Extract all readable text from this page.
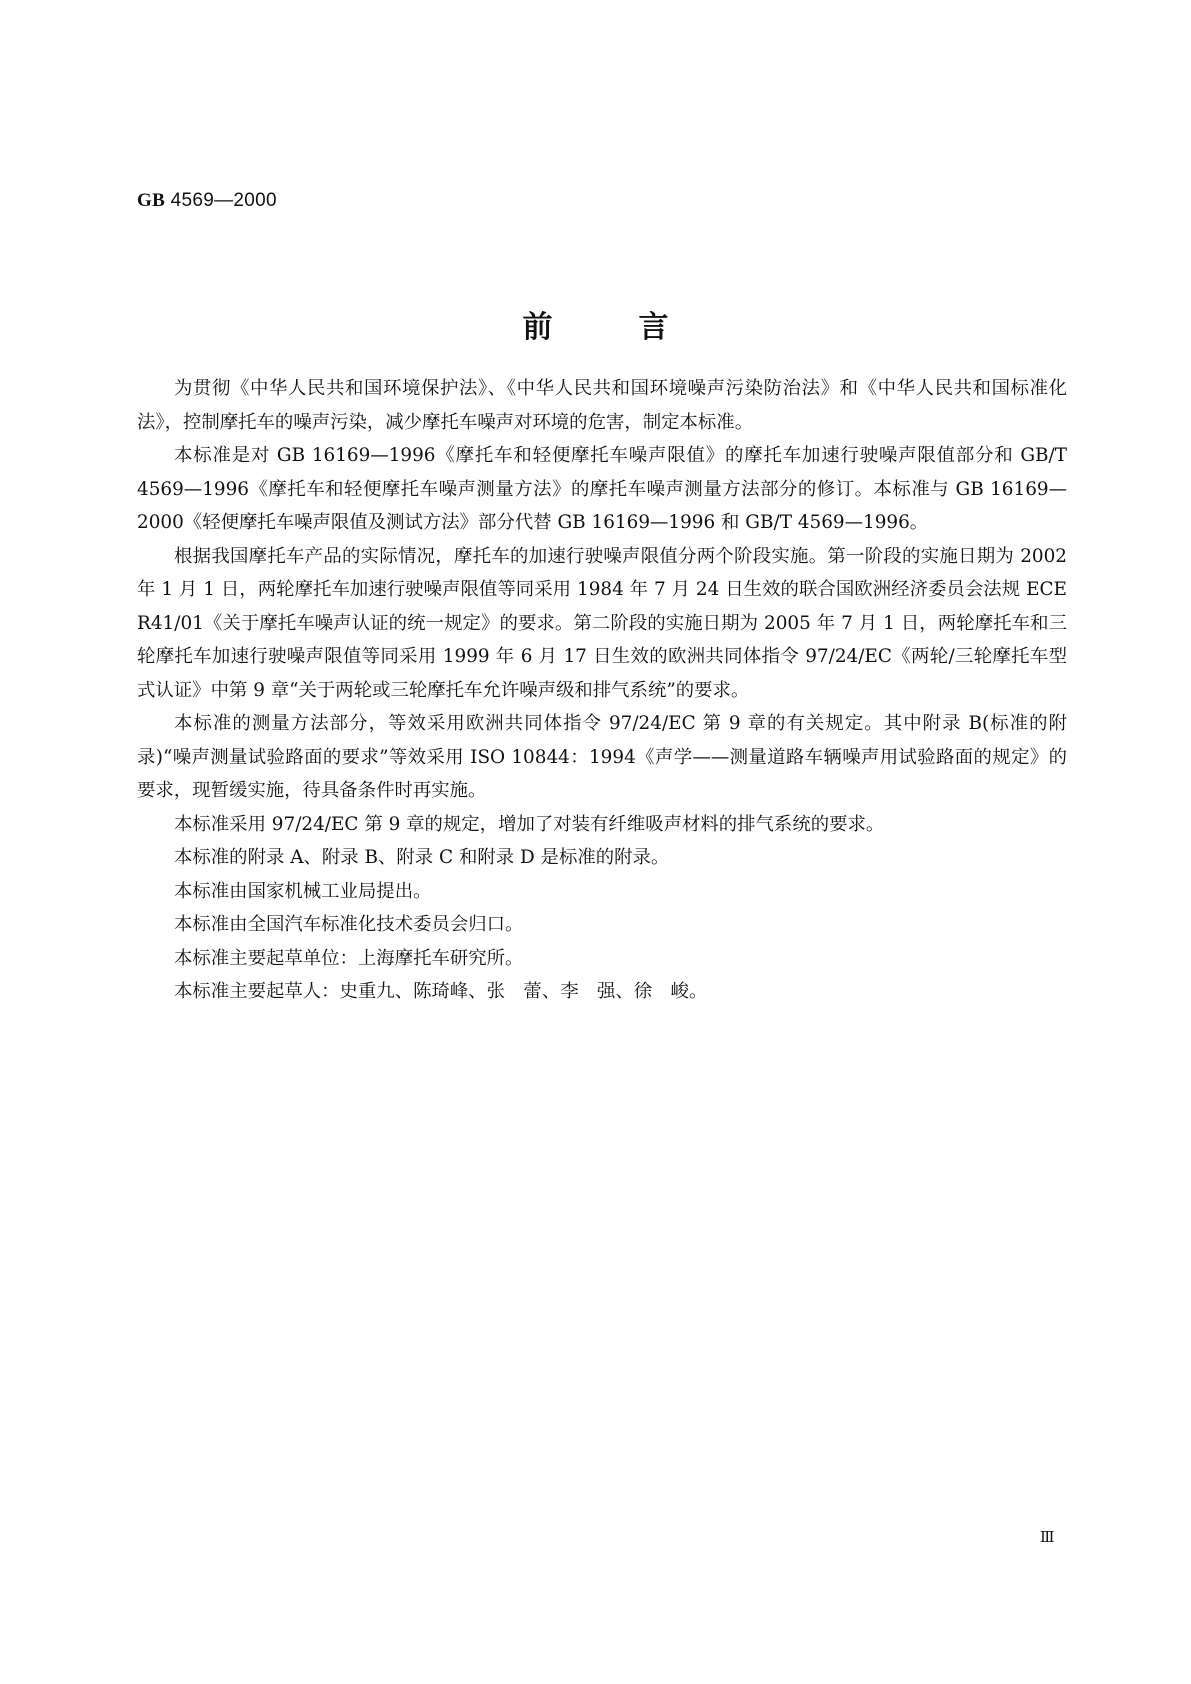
GB 4569—2000
前言

为贯彻《中华人民共和国环境保护法》、《中华人民共和国环境噪声污染防治法》和《中华人民共和国标准化法》，控制摩托车的噪声污染，减少摩托车噪声对环境的危害，制定本标准。

本标准是对 GB 16169—1996《摩托车和轻便摩托车噪声限值》的摩托车加速行驶噪声限值部分和 GB/T 4569—1996《摩托车和轻便摩托车噪声测量方法》的摩托车噪声测量方法部分的修订。本标准与 GB 16169—2000《轻便摩托车噪声限值及测试方法》部分代替 GB 16169—1996 和 GB/T 4569—1996。

根据我国摩托车产品的实际情况，摩托车的加速行驶噪声限值分两个阶段实施。第一阶段的实施日期为 2002 年 1 月 1 日，两轮摩托车加速行驶噪声限值等同采用 1984 年 7 月 24 日生效的联合国欧洲经济委员会法规 ECE R41/01《关于摩托车噪声认证的统一规定》的要求。第二阶段的实施日期为 2005 年 7 月 1 日，两轮摩托车和三轮摩托车加速行驶噪声限值等同采用 1999 年 6 月 17 日生效的欧洲共同体指令 97/24/EC《两轮/三轮摩托车型式认证》中第 9 章“关于两轮或三轮摩托车允许噪声级和排气系统”的要求。

本标准的测量方法部分，等效采用欧洲共同体指令 97/24/EC 第 9 章的有关规定。其中附录 B(标准的附录)“噪声测量试验路面的要求”等效采用 ISO 10844：1994《声学——测量道路车辆噪声用试验路面的规定》的要求，现暂缓实施，待具备条件时再实施。

本标准采用 97/24/EC 第 9 章的规定，增加了对装有纤维吸声材料的排气系统的要求。

本标准的附录 A、附录 B、附录 C 和附录 D 是标准的附录。

本标准由国家机械工业局提出。

本标准由全国汽车标准化技术委员会归口。

本标准主要起草单位：上海摩托车研究所。

本标准主要起草人：史重九、陈琦峰、张　蕾、李　强、徐　峻。

Ⅲ
